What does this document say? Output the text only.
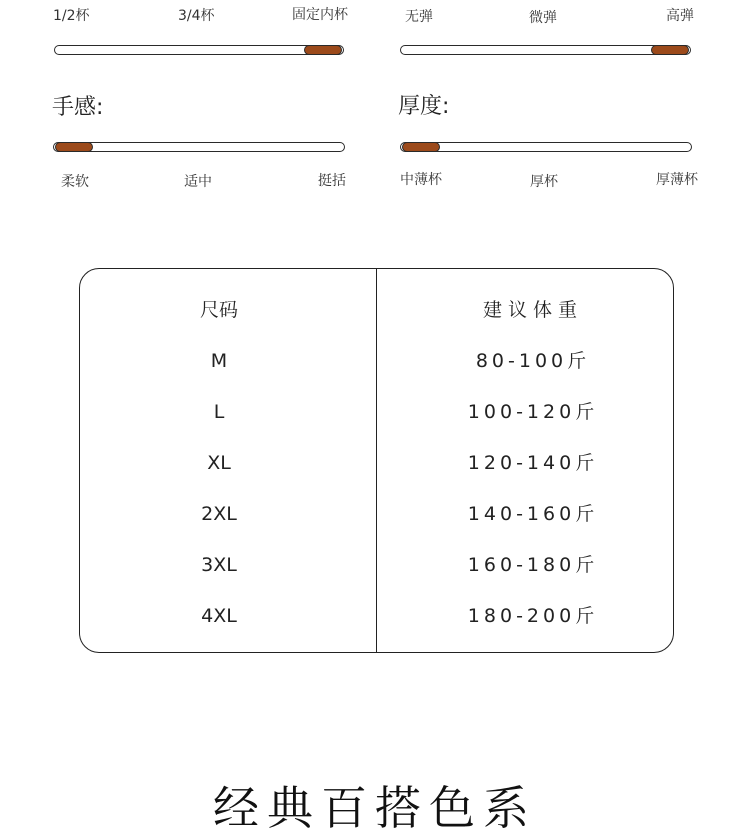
1/2杯	3/4杯	固定内杯	无弹	微弹	高弹
手感:
柔软	适中	挺括
厚度:
中薄杯	厚杯	厚薄杯
尺码	建议体重
M	80-100斤
L	100-120斤
XL	120-140斤
2XL	140-160斤
3XL	160-180斤
4XL	180-200斤
经典百搭色系
